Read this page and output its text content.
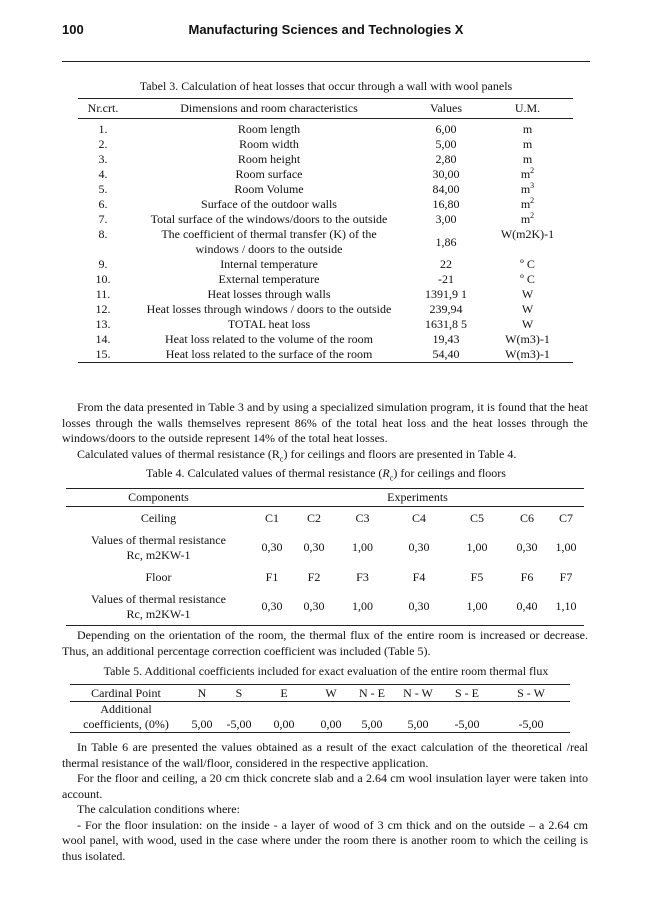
100	Manufacturing Sciences and Technologies X
Tabel 3. Calculation of heat losses that occur through a wall with wool panels
Nr.crt.	Dimensions and room characteristics	Values	U.M.
1.	Room length	6,00	m
2.	Room width	5,00	m
3.	Room height	2,80	m
4.	Room surface	30,00	$m^2$
5.	Room Volume	84,00	$m^3$
6.	Surface of the outdoor walls	16,80	$m^2$
7.	Total surface of the windows/doors to the outside	3,00	$m^2$
8.	The coefficient of thermal transfer (K) of the windows / doors to the outside	1,86	W(m2K)-1
9.	Internal temperature	22	º C
10.	External temperature	-21	º C
11.	Heat losses through walls	1391,9 1	W
12.	Heat losses through windows / doors to the outside	239,94	W
13.	TOTAL heat loss	1631,8 5	W
14.	Heat loss related to the volume of the room	19,43	W(m3)-1
15.	Heat loss related to the surface of the room	54,40	W(m3)-1

From the data presented in Table 3 and by using a specialized simulation program, it is found that the heat losses through the walls themselves represent 86% of the total heat loss and the heat losses through the windows/doors to the outside represent 14% of the total heat losses.

Calculated values of thermal resistance $(R_c)$ for ceilings and floors are presented in Table 4.

Table 4. Calculated values of thermal resistance $(R_c)$ for ceilings and floors
Components	Experiments						
Ceiling	C1	C2	C3	C4	C5	C6	C7

Values of thermal resistance
Rc, m2KW-1	0,30	0,30	1,00	0,30	1,00	0,30	1,00
Floor	F1	F2	F3	F4	F5	F6	F7

Values of thermal resistance
Rc, m2KW-1	0,30	0,30	1,00	0,30	1,00	0,40	1,10

Depending on the orientation of the room, the thermal flux of the entire room is increased or decrease. Thus, an additional percentage correction coefficient was included (Table 5).

Table 5. Additional coefficients included for exact evaluation of the entire room thermal flux
Cardinal Point	N	S	E	W	N - E	N - W	S - E	S - W
Additional coefficients, (0%)	5,00	-5,00	0,00	0,00	5,00	5,00	-5,00	-5,00

In Table 6 are presented the values obtained as a result of the exact calculation of the theoretical /real thermal resistance of the wall/floor, considered in the respective application.

For the floor and ceiling, a 20 cm thick concrete slab and a 2.64 cm wool insulation layer were taken into account.

The calculation conditions where:

- For the floor insulation: on the inside - a layer of wood of 3 cm thick and on the outside – a 2.64 cm wool panel, with wood, used in the case where under the room there is another room to which the ceiling is thus isolated.
